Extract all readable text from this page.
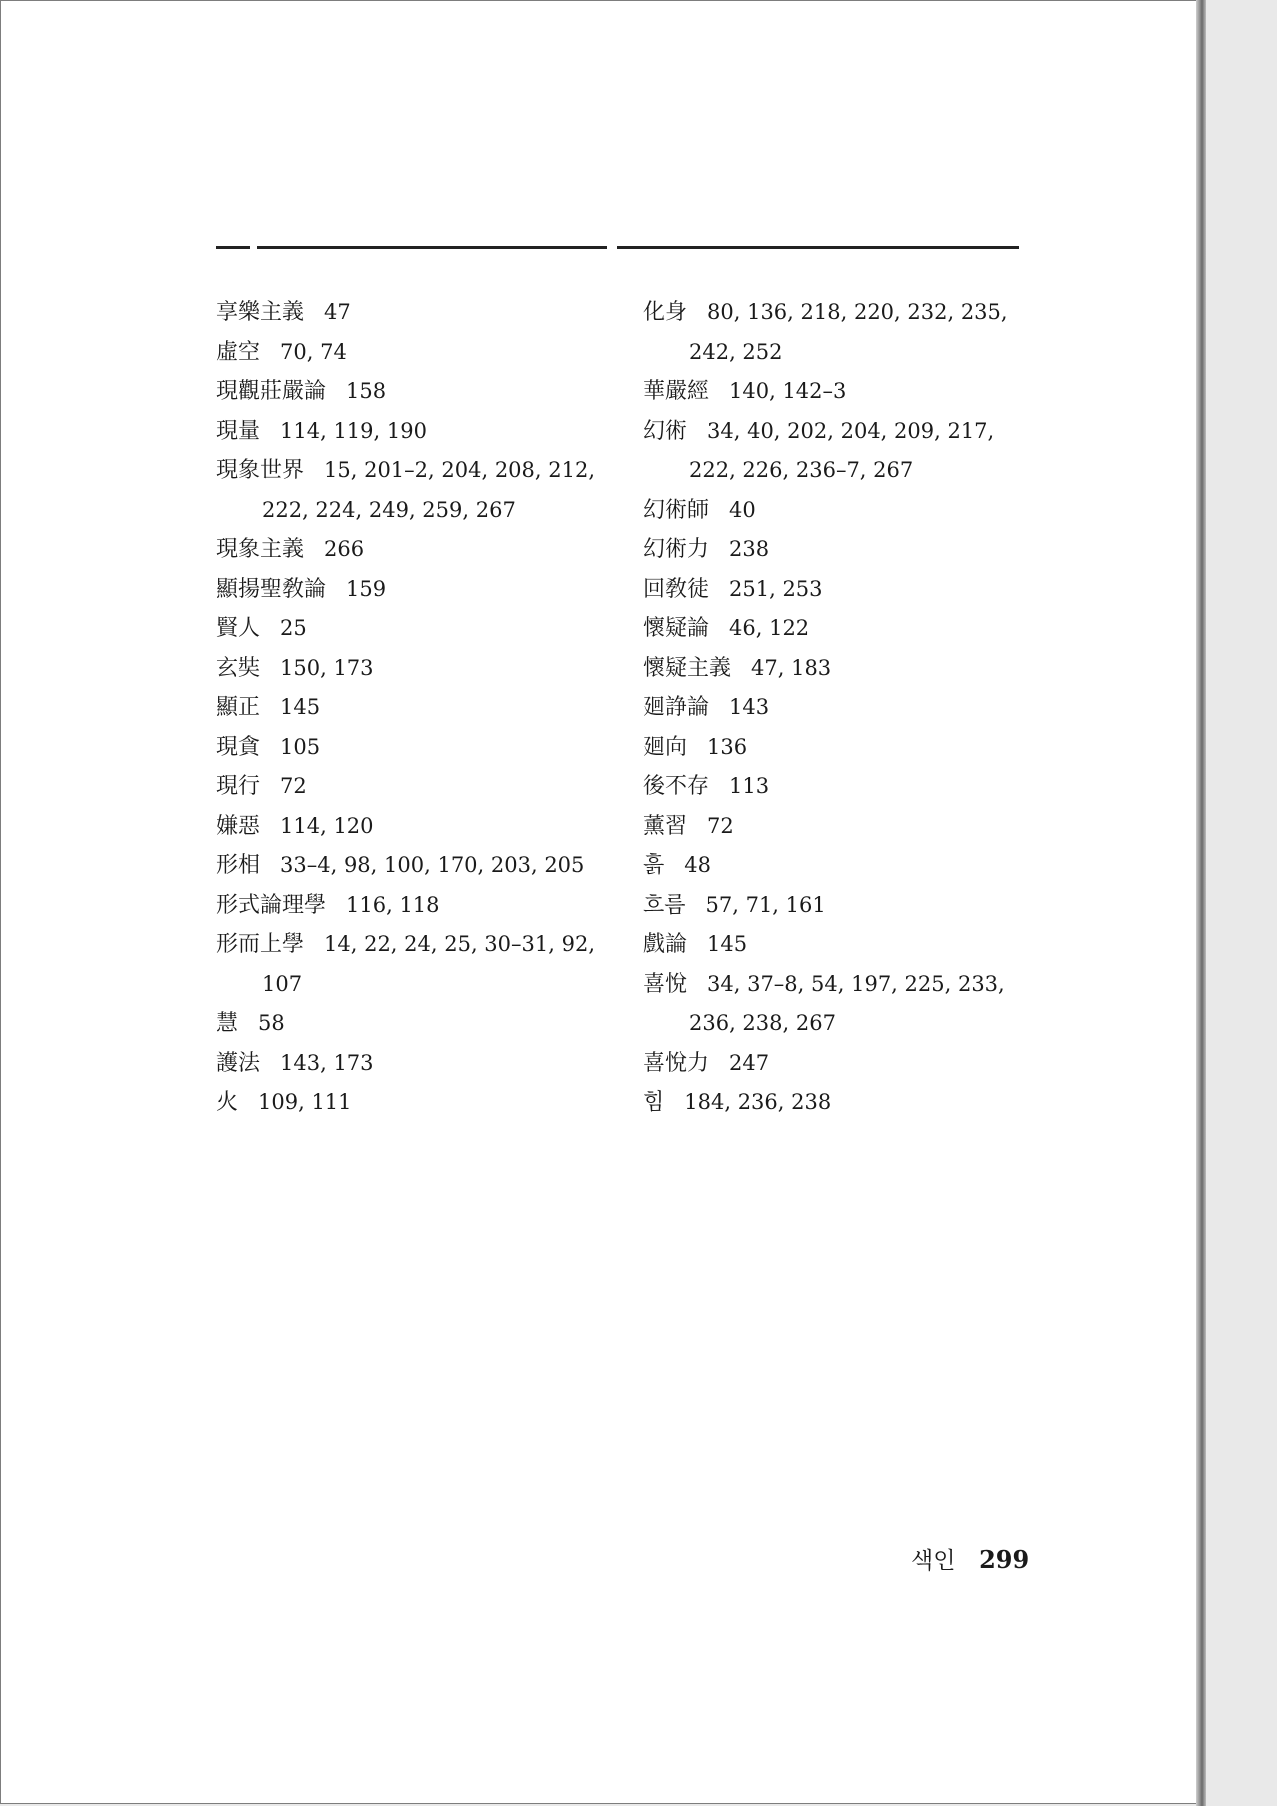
享樂主義 47
虛空 70, 74
現觀莊嚴論 158
現量 114, 119, 190
現象世界 15, 201–2, 204, 208, 212, 222, 224, 249, 259, 267
現象主義 266
顯揚聖敎論 159
賢人 25
玄奘 150, 173
顯正 145
現貪 105
現行 72
嫌惡 114, 120
形相 33–4, 98, 100, 170, 203, 205
形式論理學 116, 118
形而上學 14, 22, 24, 25, 30–31, 92, 107
慧 58
護法 143, 173
火 109, 111
化身 80, 136, 218, 220, 232, 235, 242, 252
華嚴經 140, 142–3
幻術 34, 40, 202, 204, 209, 217, 222, 226, 236–7, 267
幻術師 40
幻術力 238
回敎徒 251, 253
懷疑論 46, 122
懷疑主義 47, 183
廻諍論 143
廻向 136
後不存 113
薰習 72
흙 48
흐름 57, 71, 161
戲論 145
喜悅 34, 37–8, 54, 197, 225, 233, 236, 238, 267
喜悅力 247
힘 184, 236, 238
색인 299
